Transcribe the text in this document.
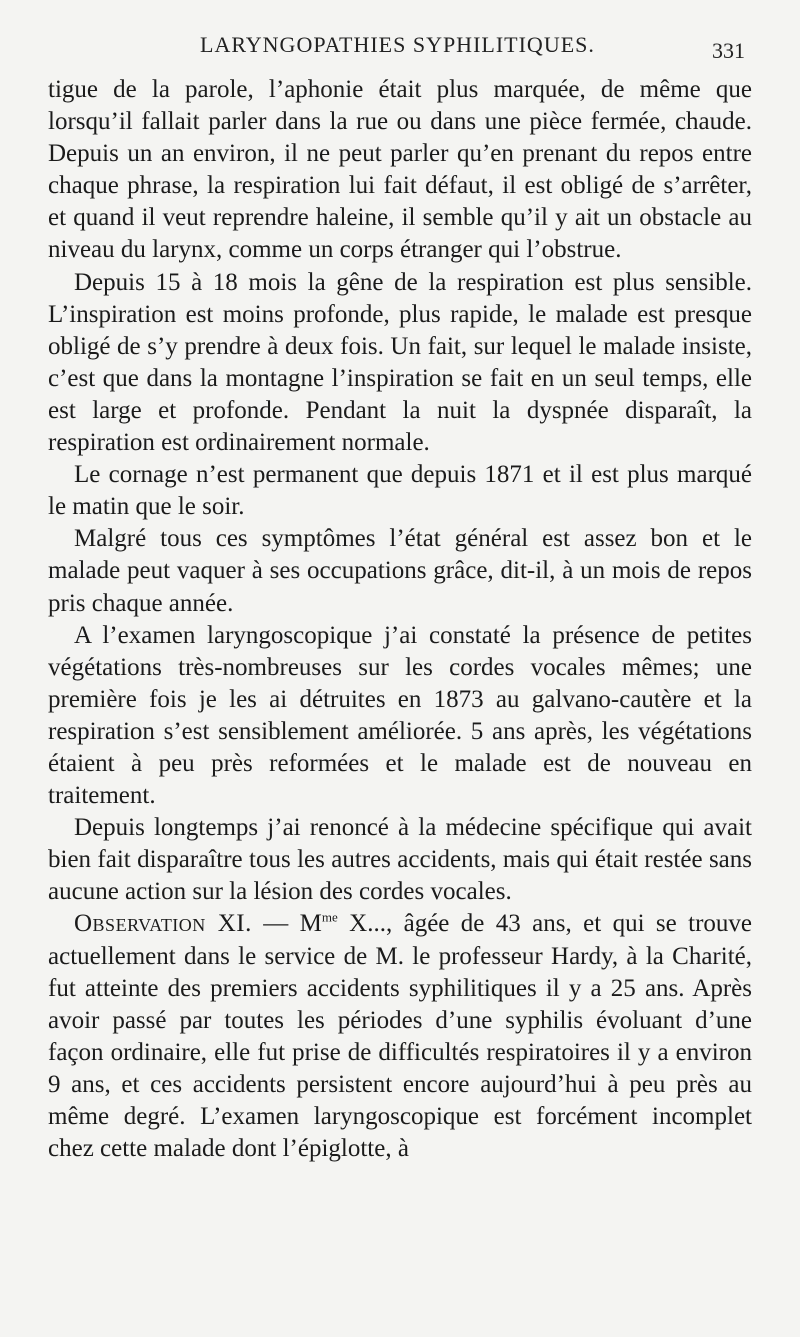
LARYNGOPATHIES SYPHILITIQUES.	331

tigue de la parole, l’aphonie était plus marquée, de même que lorsqu’il fallait parler dans la rue ou dans une pièce fermée, chaude. Depuis un an environ, il ne peut parler qu’en prenant du repos entre chaque phrase, la respiration lui fait défaut, il est obligé de s’arrêter, et quand il veut reprendre haleine, il semble qu’il y ait un obstacle au niveau du larynx, comme un corps étranger qui l’obstrue.

Depuis 15 à 18 mois la gêne de la respiration est plus sensible. L’inspiration est moins profonde, plus rapide, le malade est presque obligé de s’y prendre à deux fois. Un fait, sur lequel le malade insiste, c’est que dans la montagne l’inspiration se fait en un seul temps, elle est large et profonde. Pendant la nuit la dyspnée disparaît, la respiration est ordinairement normale.

Le cornage n’est permanent que depuis 1871 et il est plus marqué le matin que le soir.

Malgré tous ces symptômes l’état général est assez bon et le malade peut vaquer à ses occupations grâce, dit-il, à un mois de repos pris chaque année.

A l’examen laryngoscopique j’ai constaté la présence de petites végétations très-nombreuses sur les cordes vocales mêmes; une première fois je les ai détruites en 1873 au galvano-cautère et la respiration s’est sensiblement améliorée. 5 ans après, les végétations étaient à peu près reformées et le malade est de nouveau en traitement.

Depuis longtemps j’ai renoncé à la médecine spécifique qui avait bien fait disparaître tous les autres accidents, mais qui était restée sans aucune action sur la lésion des cordes vocales.

Observation XI. — $M^{me}$ X..., âgée de 43 ans, et qui se trouve actuellement dans le service de M. le professeur Hardy, à la Charité, fut atteinte des premiers accidents syphilitiques il y a 25 ans. Après avoir passé par toutes les périodes d’une syphilis évoluant d’une façon ordinaire, elle fut prise de difficultés respiratoires il y a environ 9 ans, et ces accidents persistent encore aujourd’hui à peu près au même degré. L’examen laryngoscopique est forcément incomplet chez cette malade dont l’épiglotte, à
